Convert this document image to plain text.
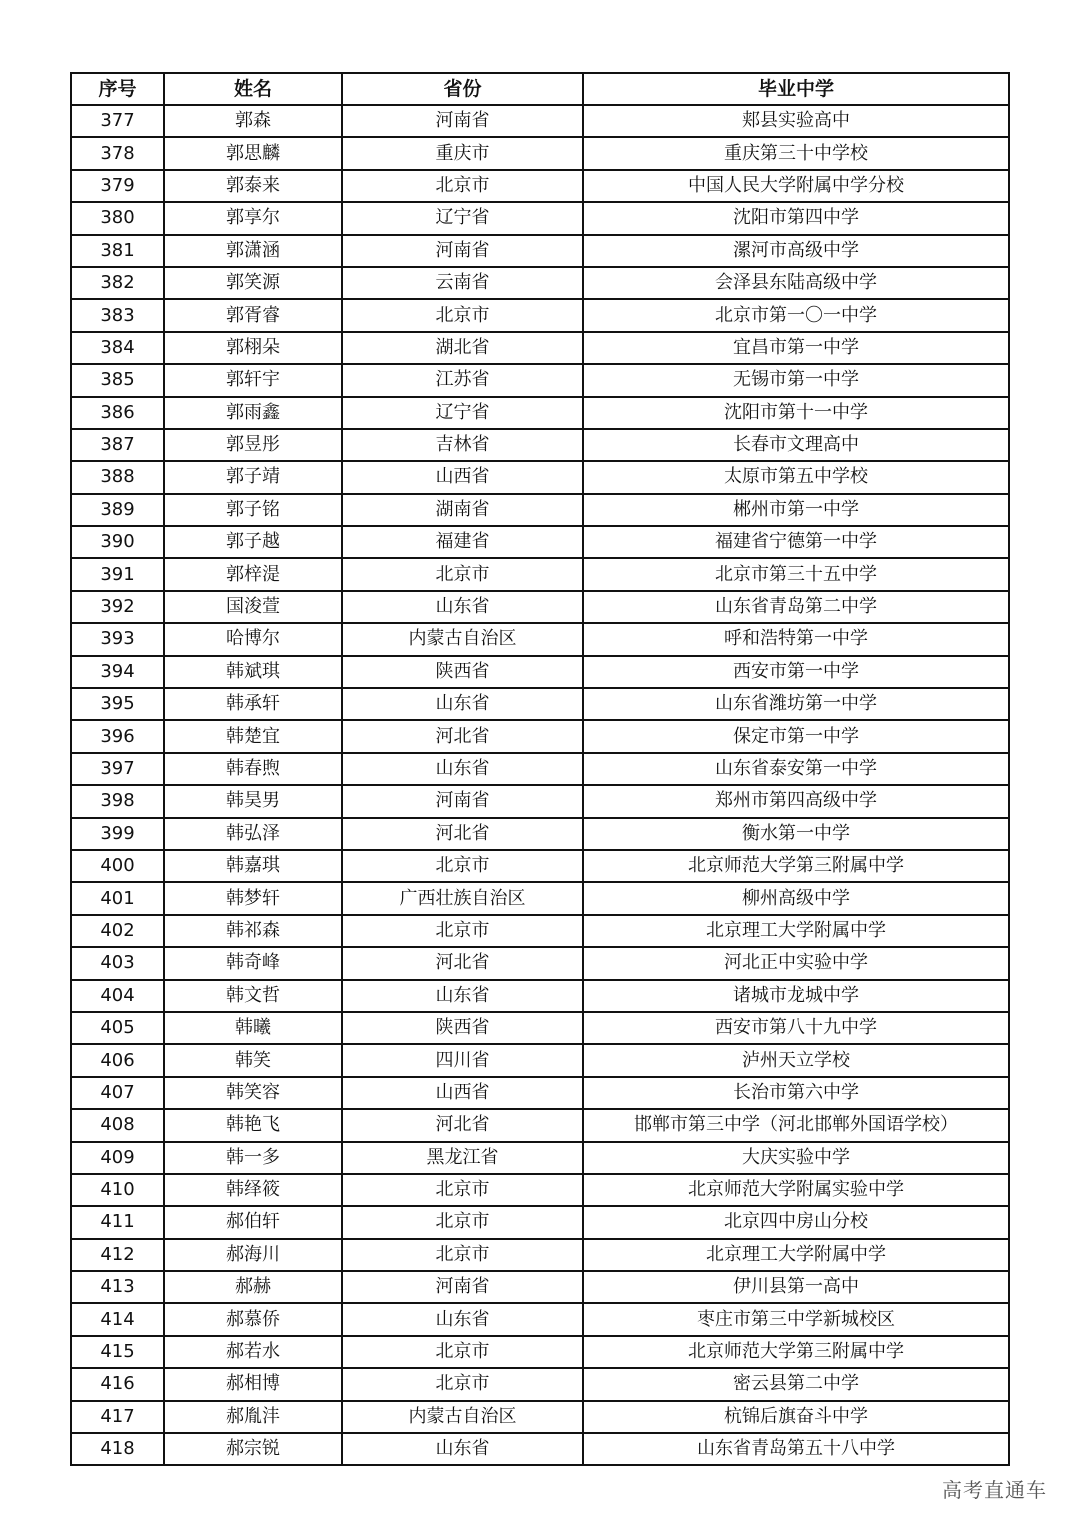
序号	姓名	省份	毕业中学
377	郭森	河南省	郏县实验高中
378	郭思麟	重庆市	重庆第三十中学校
379	郭泰来	北京市	中国人民大学附属中学分校
380	郭享尔	辽宁省	沈阳市第四中学
381	郭潇涵	河南省	漯河市高级中学
382	郭笑源	云南省	会泽县东陆高级中学
383	郭胥睿	北京市	北京市第一〇一中学
384	郭栩朵	湖北省	宜昌市第一中学
385	郭轩宇	江苏省	无锡市第一中学
386	郭雨鑫	辽宁省	沈阳市第十一中学
387	郭昱彤	吉林省	长春市文理高中
388	郭子靖	山西省	太原市第五中学校
389	郭子铭	湖南省	郴州市第一中学
390	郭子越	福建省	福建省宁德第一中学
391	郭梓湜	北京市	北京市第三十五中学
392	国浚萱	山东省	山东省青岛第二中学
393	哈博尔	内蒙古自治区	呼和浩特第一中学
394	韩斌琪	陕西省	西安市第一中学
395	韩承轩	山东省	山东省潍坊第一中学
396	韩楚宜	河北省	保定市第一中学
397	韩春煦	山东省	山东省泰安第一中学
398	韩昊男	河南省	郑州市第四高级中学
399	韩弘泽	河北省	衡水第一中学
400	韩嘉琪	北京市	北京师范大学第三附属中学
401	韩梦轩	广西壮族自治区	柳州高级中学
402	韩祁森	北京市	北京理工大学附属中学
403	韩奇峰	河北省	河北正中实验中学
404	韩文哲	山东省	诸城市龙城中学
405	韩曦	陕西省	西安市第八十九中学
406	韩笑	四川省	泸州天立学校
407	韩笑容	山西省	长治市第六中学
408	韩艳飞	河北省	邯郸市第三中学（河北邯郸外国语学校）
409	韩一多	黑龙江省	大庆实验中学
410	韩绎筱	北京市	北京师范大学附属实验中学
411	郝伯轩	北京市	北京四中房山分校
412	郝海川	北京市	北京理工大学附属中学
413	郝赫	河南省	伊川县第一高中
414	郝慕侨	山东省	枣庄市第三中学新城校区
415	郝若水	北京市	北京师范大学第三附属中学
416	郝相博	北京市	密云县第二中学
417	郝胤沣	内蒙古自治区	杭锦后旗奋斗中学
418	郝宗锐	山东省	山东省青岛第五十八中学
高考直通车
